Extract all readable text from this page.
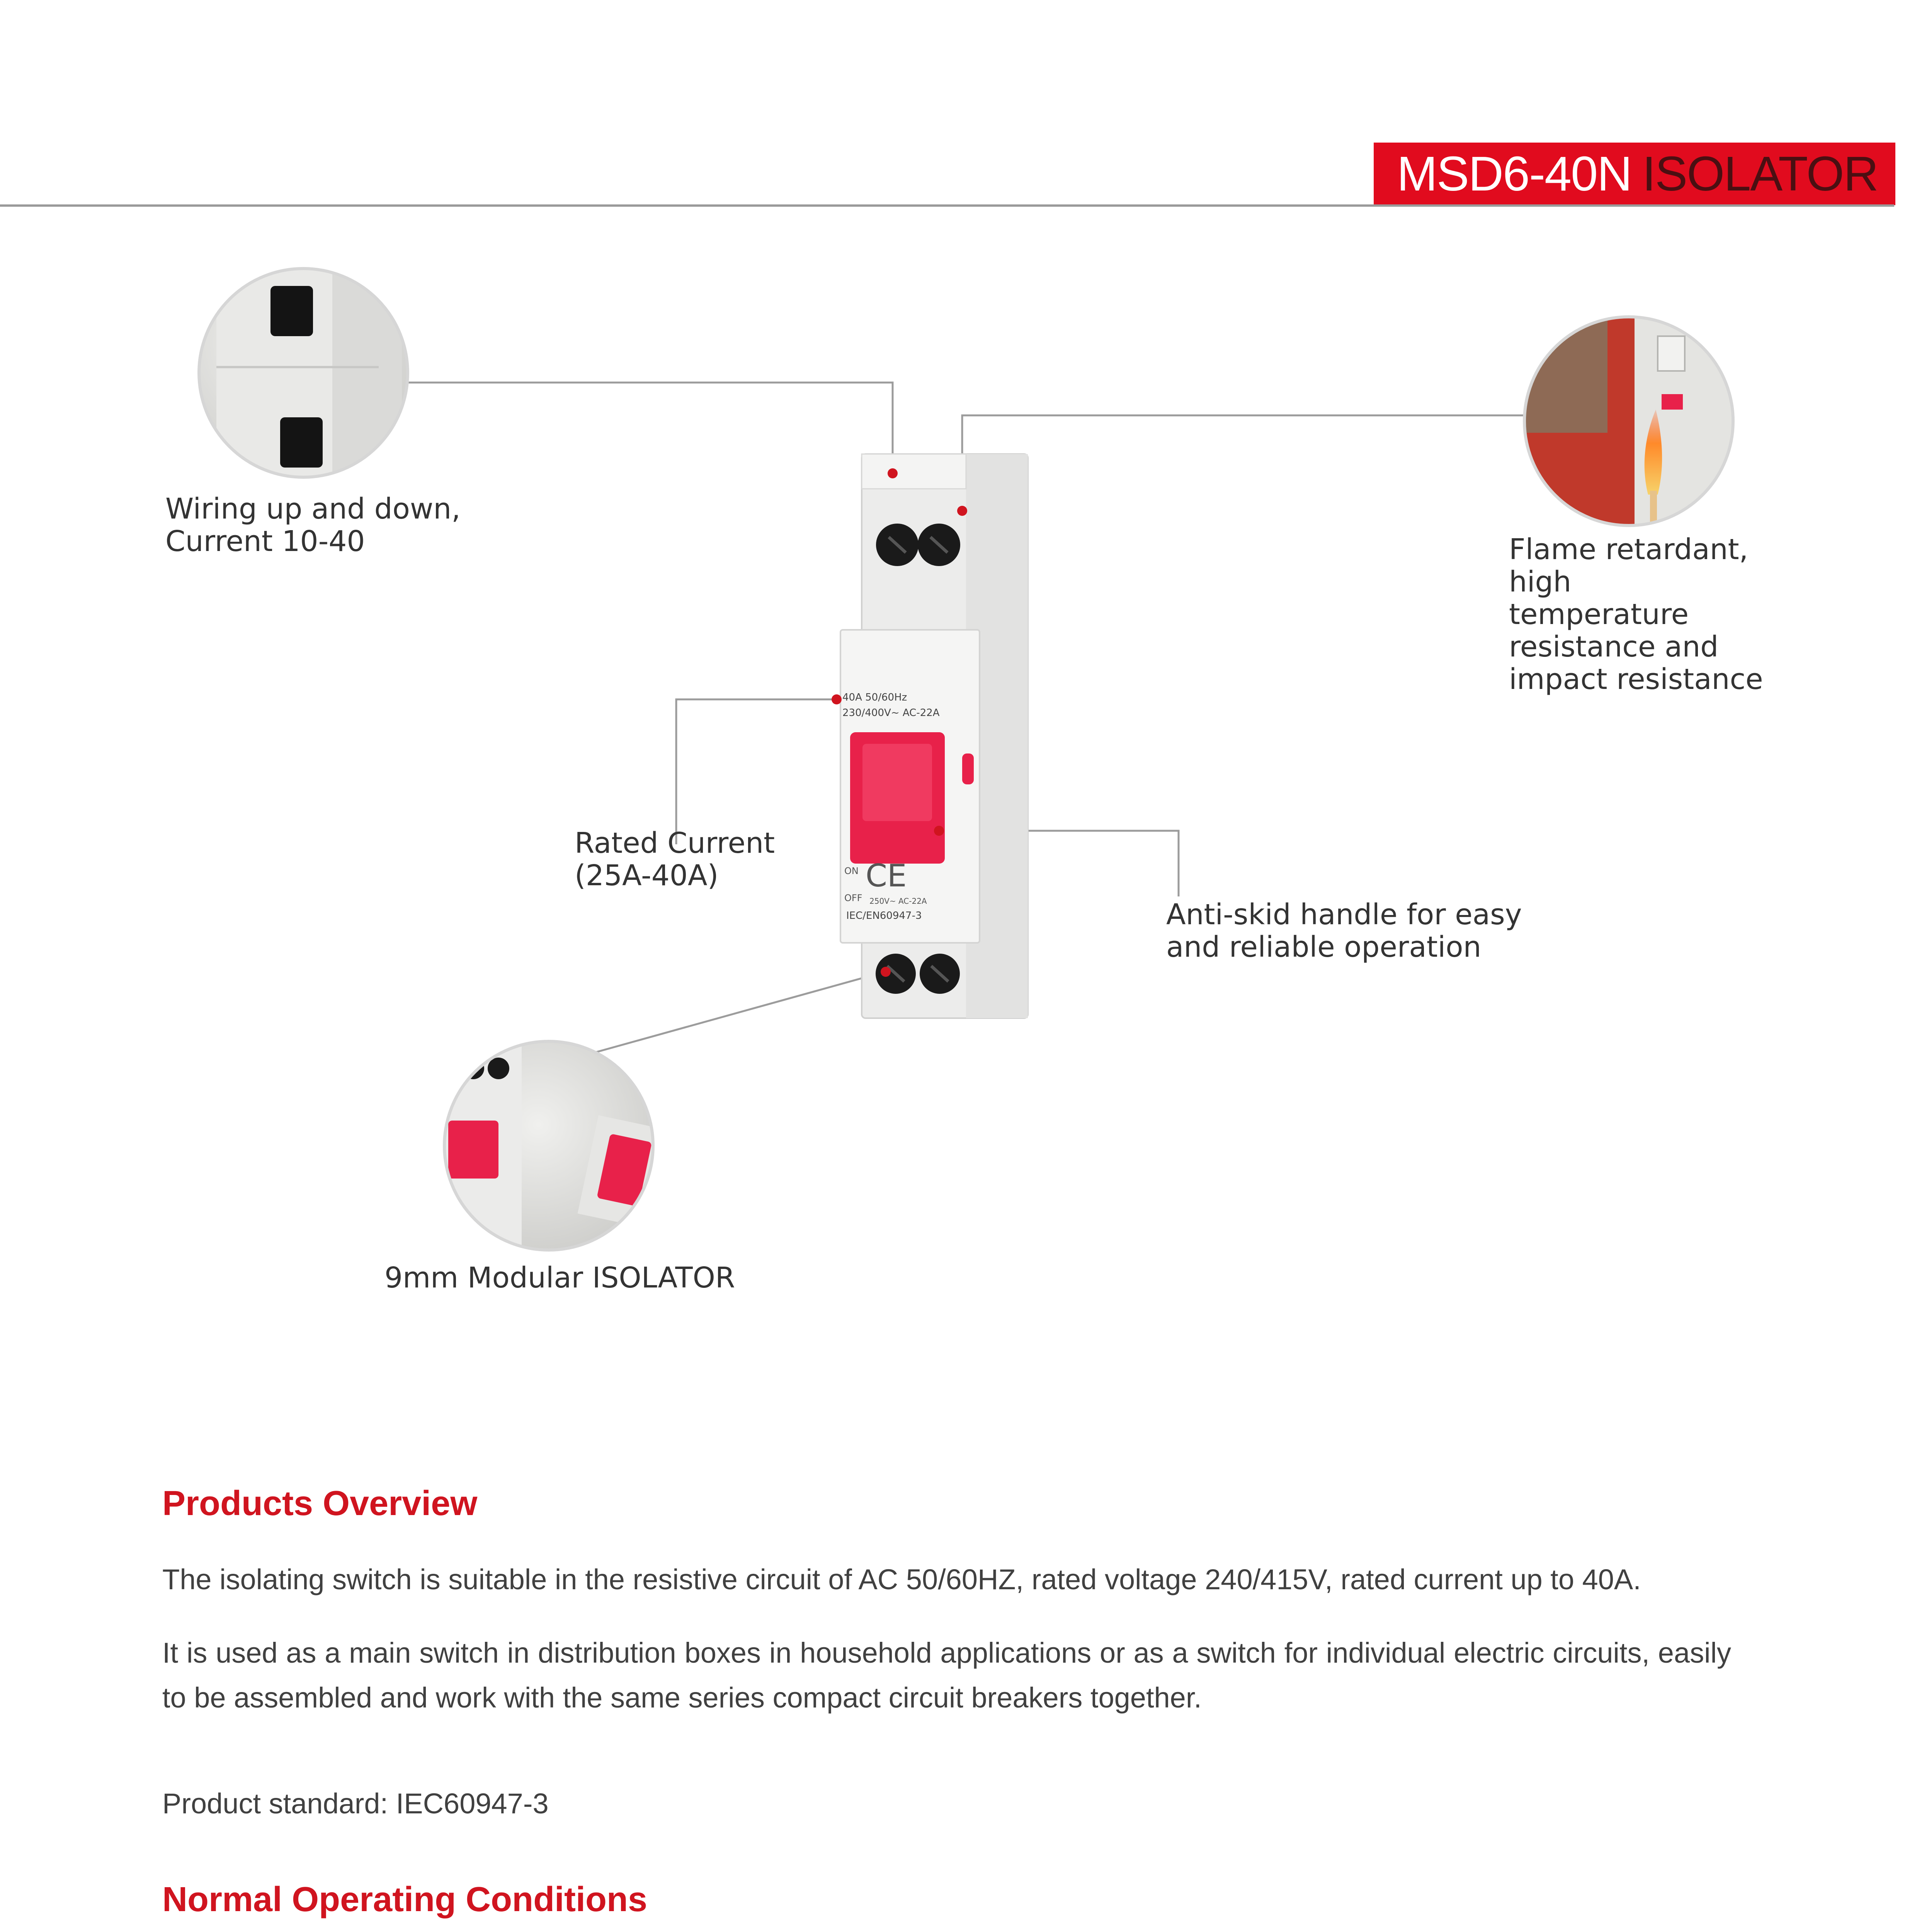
MSD6-40N ISOLATOR
40A 50/60Hz
230/400V~ AC-22A
ON
OFF
CE
250V~ AC-22A
IEC/EN60947-3
Wiring up and down,
Current 10-40	Flame retardant,
high
temperature
resistance and
impact resistance
Rated Current
(25A-40A)
Anti-skid handle for easy
and reliable operation
9mm Modular ISOLATOR
Products Overview
The isolating switch is suitable in the resistive circuit of AC 50/60HZ, rated voltage 240/415V, rated current up to 40A.
It is used as a main switch in distribution boxes in household applications or as a switch for individual electric circuits, easily to be assembled and work with the same series compact circuit breakers together.
Product standard: IEC60947-3
Normal Operating Conditions
